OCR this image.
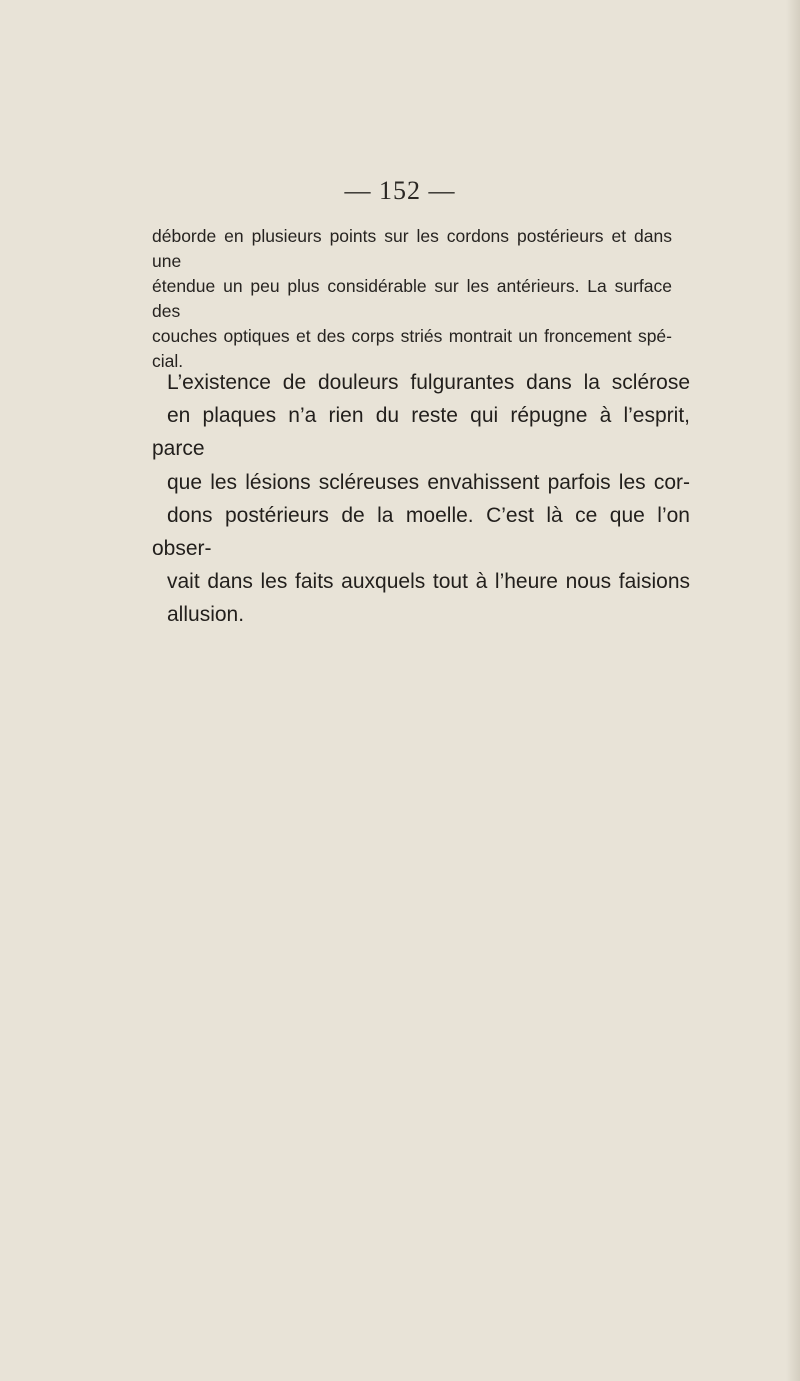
— 152 —

déborde en plusieurs points sur les cordons postérieurs et dans une
étendue un peu plus considérable sur les antérieurs. La surface des
couches optiques et des corps striés montrait un froncement spé-
cial.

L’existence de douleurs fulgurantes dans la sclérose
en plaques n’a rien du reste qui répugne à l’esprit, parce
que les lésions scléreuses envahissent parfois les cor-
dons postérieurs de la moelle. C’est là ce que l’on obser-
vait dans les faits auxquels tout à l’heure nous faisions
allusion.
